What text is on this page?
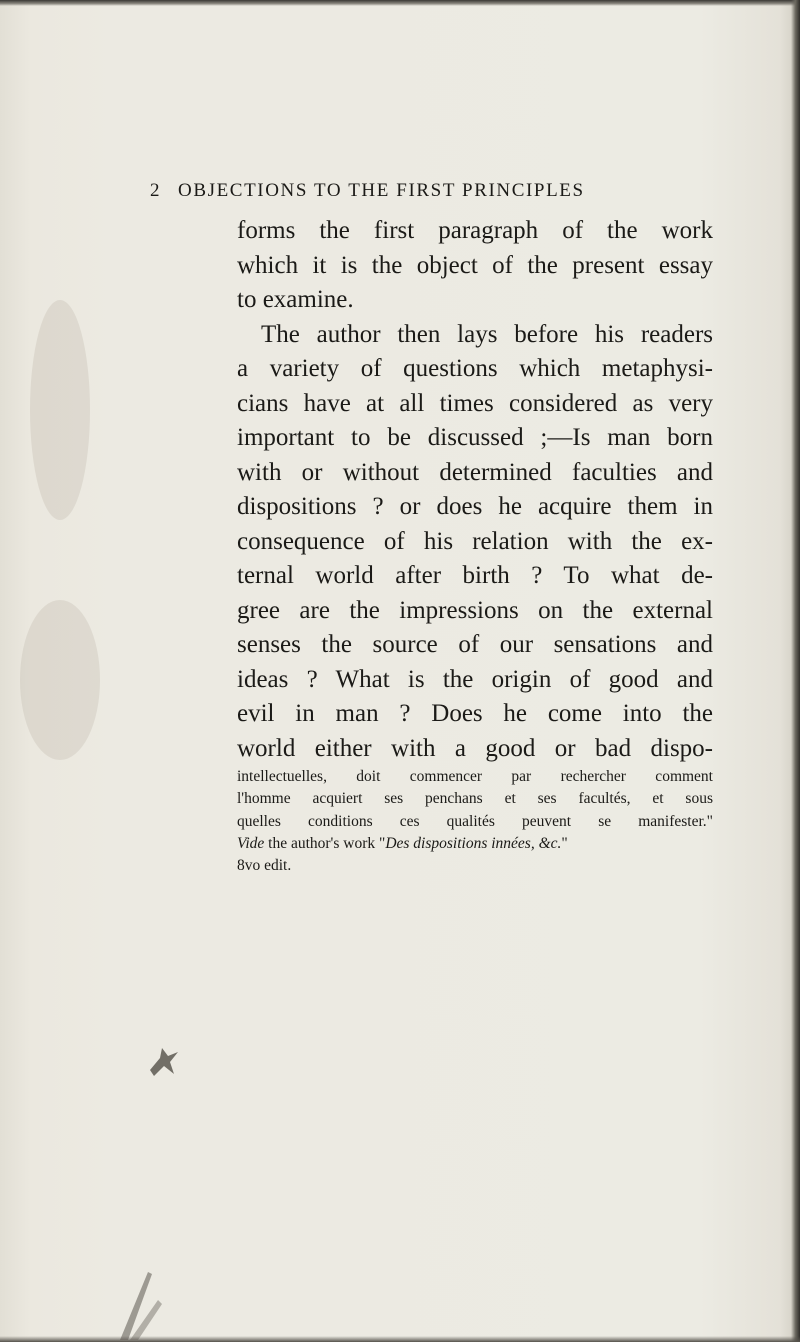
2 OBJECTIONS TO THE FIRST PRINCIPLES
forms the first paragraph of the work
which it is the object of the present essay
to examine.
The author then lays before his readers
a variety of questions which metaphysi-
cians have at all times considered as very
important to be discussed ;—Is man born
with or without determined faculties and
dispositions ? or does he acquire them in
consequence of his relation with the ex-
ternal world after birth ? To what de-
gree are the impressions on the external
senses the source of our sensations and
ideas ? What is the origin of good and
evil in man ? Does he come into the
world either with a good or bad dispo-
intellectuelles, doit commencer par rechercher comment
l'homme acquiert ses penchans et ses facultés, et sous
quelles conditions ces qualités peuvent se manifester."
Vide the author's work "Des dispositions innées, &c."
8vo edit.
